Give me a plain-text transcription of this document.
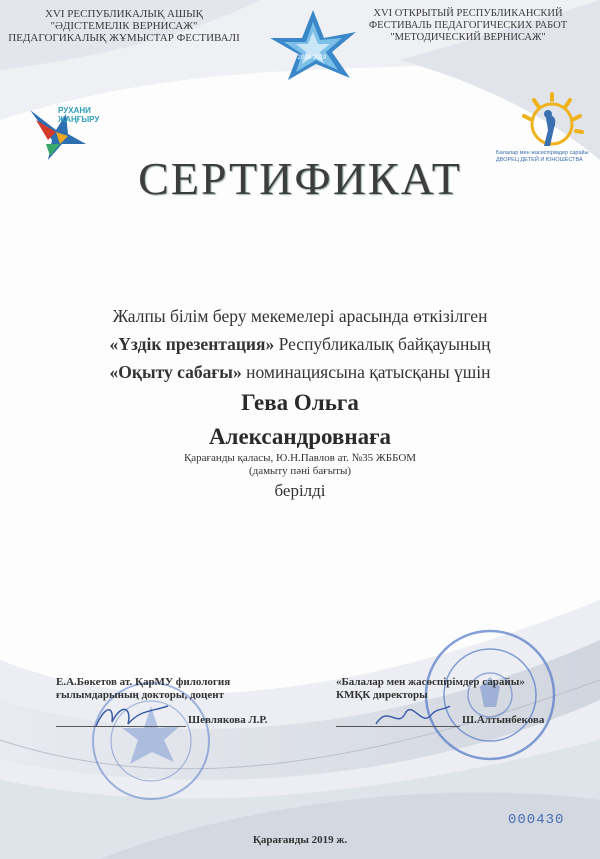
XVI РЕСПУБЛИКАЛЫҚ АШЫҚ
"ӘДІСТЕМЕЛІК ВЕРНИСАЖ"
ПЕДАГОГИКАЛЫҚ ЖҰМЫСТАР ФЕСТИВАЛІ
2018-2019
XVI ОТКРЫТЫЙ РЕСПУБЛИКАНСКИЙ
ФЕСТИВАЛЬ ПЕДАГОГИЧЕСКИХ РАБОТ
"МЕТОДИЧЕСКИЙ ВЕРНИСАЖ"
РУХАНИ
ЖАҢҒЫРУ
Балалар мен жасөспірімдер сарайы
ДВОРЕЦ ДЕТЕЙ И ЮНОШЕСТВА
СЕРТИФИКАТ
Жалпы білім беру мекемелері арасында өткізілген
«Үздік презентация» Республикалық байқауының
«Оқыту сабағы» номинациясына қатысқаны үшін
Гева Ольга
Александровнаға
Қарағанды қаласы, Ю.Н.Павлов ат. №35 ЖББОМ
(дамыту пәні бағыты)
берілді
Е.А.Бөкетов ат. ҚарМУ филология
ғылымдарының докторы, доцент
«Балалар мен жасөспірімдер сарайы»
КМҚК директоры
Шевлякова Л.Р.	Ш.Алтынбекова
000430
Қарағанды 2019 ж.
